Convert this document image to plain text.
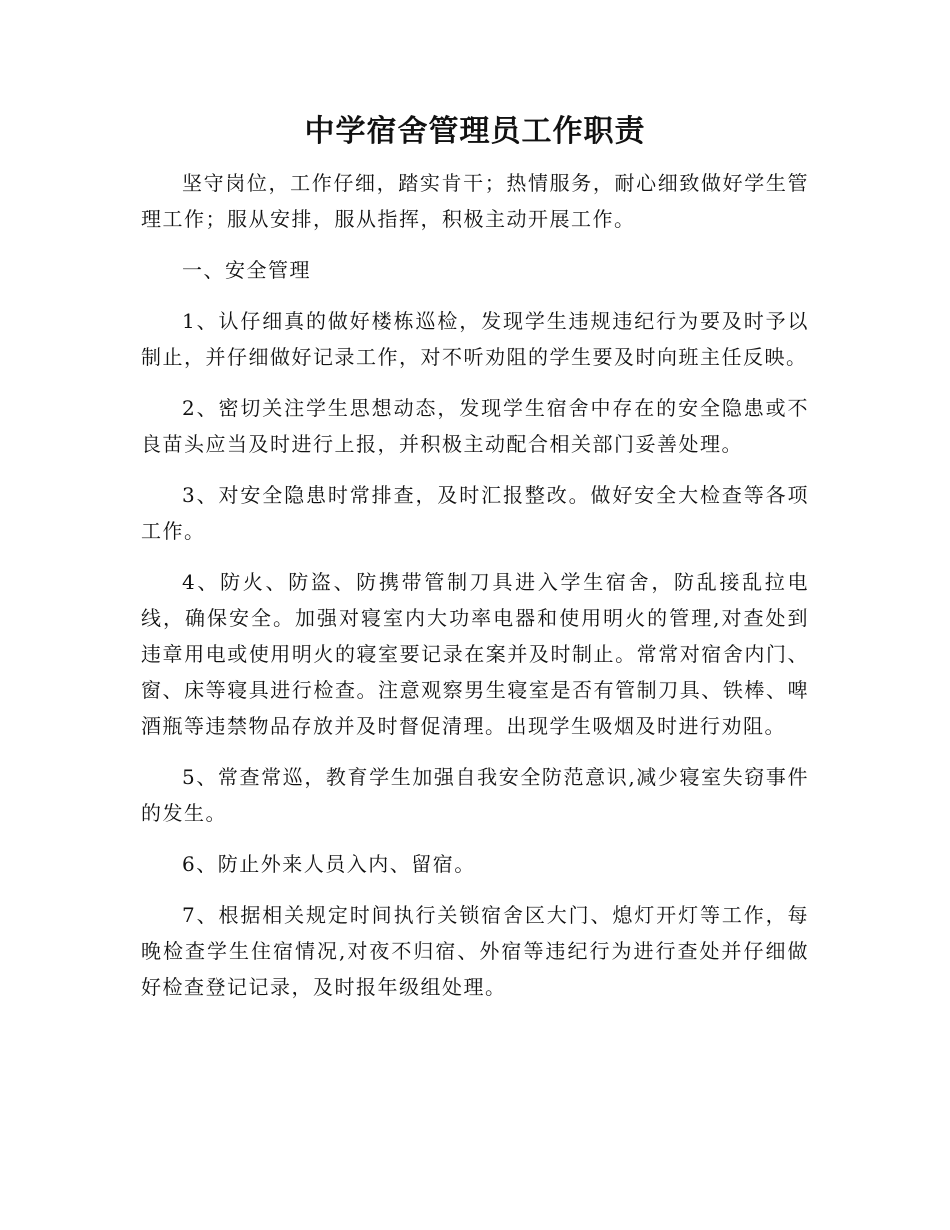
中学宿舍管理员工作职责

坚守岗位，工作仔细，踏实肯干；热情服务，耐心细致做好学生管理工作；服从安排，服从指挥，积极主动开展工作。

一、安全管理

1、认仔细真的做好楼栋巡检，发现学生违规违纪行为要及时予以制止，并仔细做好记录工作，对不听劝阻的学生要及时向班主任反映。

2、密切关注学生思想动态，发现学生宿舍中存在的安全隐患或不良苗头应当及时进行上报，并积极主动配合相关部门妥善处理。

3、对安全隐患时常排查，及时汇报整改。做好安全大检查等各项工作。

4、防火、防盗、防携带管制刀具进入学生宿舍，防乱接乱拉电线，确保安全。加强对寝室内大功率电器和使用明火的管理,对查处到违章用电或使用明火的寝室要记录在案并及时制止。常常对宿舍内门、窗、床等寝具进行检查。注意观察男生寝室是否有管制刀具、铁棒、啤酒瓶等违禁物品存放并及时督促清理。出现学生吸烟及时进行劝阻。

5、常查常巡，教育学生加强自我安全防范意识,减少寝室失窃事件的发生。

6、防止外来人员入内、留宿。

7、根据相关规定时间执行关锁宿舍区大门、熄灯开灯等工作，每晚检查学生住宿情况,对夜不归宿、外宿等违纪行为进行查处并仔细做好检查登记记录，及时报年级组处理。
